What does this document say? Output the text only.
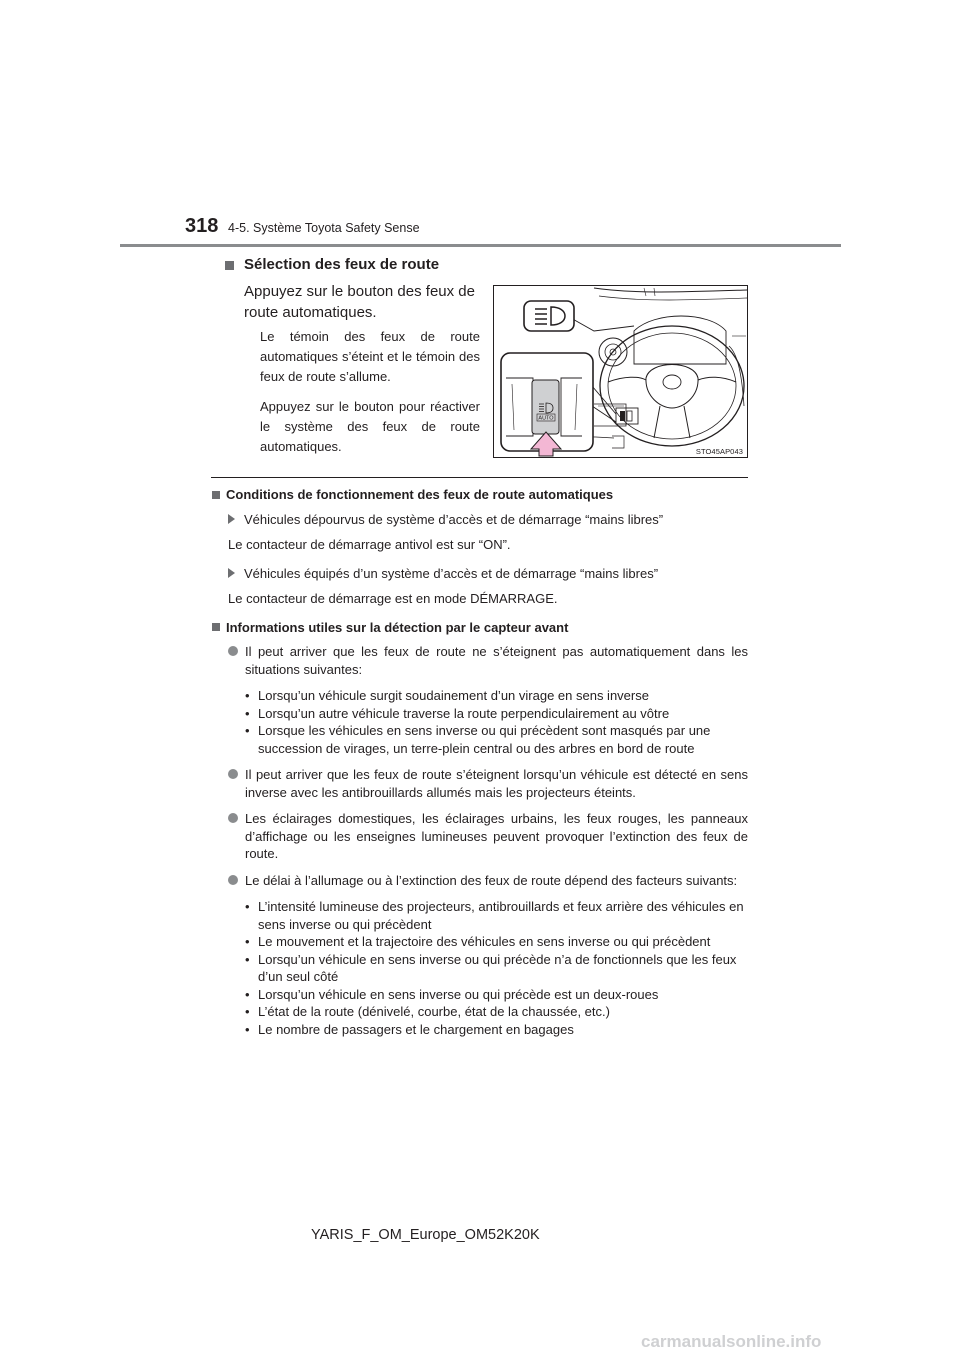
318 4-5. Système Toyota Safety Sense
Sélection des feux de route
Appuyez sur le bouton des feux de route automatiques.
Le témoin des feux de route automatiques s’éteint et le témoin des feux de route s’allume.
Appuyez sur le bouton pour réactiver le système des feux de route automatiques.
AUTO
STO45AP043
Conditions de fonctionnement des feux de route automatiques
Véhicules dépourvus de système d’accès et de démarrage “mains libres”
Le contacteur de démarrage antivol est sur “ON”.
Véhicules équipés d’un système d’accès et de démarrage “mains libres”
Le contacteur de démarrage est en mode DÉMARRAGE.
Informations utiles sur la détection par le capteur avant
Il peut arriver que les feux de route ne s’éteignent pas automatiquement dans les situations suivantes:
• Lorsqu’un véhicule surgit soudainement d’un virage en sens inverse
• Lorsqu’un autre véhicule traverse la route perpendiculairement au vôtre
• Lorsque les véhicules en sens inverse ou qui précèdent sont masqués par une succession de virages, un terre-plein central ou des arbres en bord de route
Il peut arriver que les feux de route s’éteignent lorsqu’un véhicule est détecté en sens inverse avec les antibrouillards allumés mais les projecteurs éteints.
Les éclairages domestiques, les éclairages urbains, les feux rouges, les panneaux d’affichage ou les enseignes lumineuses peuvent provoquer l’extinction des feux de route.
Le délai à l’allumage ou à l’extinction des feux de route dépend des facteurs suivants:
• L’intensité lumineuse des projecteurs, antibrouillards et feux arrière des véhicules en sens inverse ou qui précèdent
• Le mouvement et la trajectoire des véhicules en sens inverse ou qui précèdent
• Lorsqu’un véhicule en sens inverse ou qui précède n’a de fonctionnels que les feux d’un seul côté
• Lorsqu’un véhicule en sens inverse ou qui précède est un deux-roues
• L’état de la route (dénivelé, courbe, état de la chaussée, etc.)
• Le nombre de passagers et le chargement en bagages
YARIS_F_OM_Europe_OM52K20K
carmanualsonline.info
